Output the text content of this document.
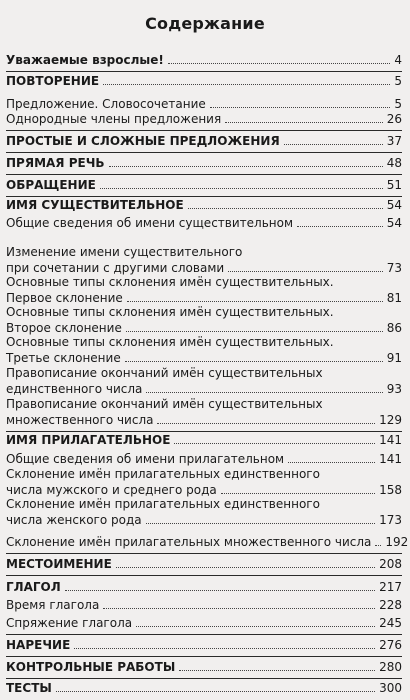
Содержание
Уважаемые взрослые!	4
ПОВТОРЕНИЕ	5
Предложение. Словосочетание	5
Однородные члены предложения	26
ПРОСТЫЕ И СЛОЖНЫЕ ПРЕДЛОЖЕНИЯ	37
ПРЯМАЯ РЕЧЬ	48
ОБРАЩЕНИЕ	51
ИМЯ СУЩЕСТВИТЕЛЬНОЕ	54
Общие сведения об имени существительном	54
Изменение имени существительного
при сочетании с другими словами	73
Основные типы склонения имён существительных.
Первое склонение	81
Основные типы склонения имён существительных.
Второе склонение	86
Основные типы склонения имён существительных.
Третье склонение	91
Правописание окончаний имён существительных
единственного числа	93
Правописание окончаний имён существительных
множественного числа	129
ИМЯ ПРИЛАГАТЕЛЬНОЕ	141
Общие сведения об имени прилагательном	141
Склонение имён прилагательных единственного
числа мужского и среднего рода	158
Склонение имён прилагательных единственного
числа женского рода	173
Склонение имён прилагательных множественного числа 192
МЕСТОИМЕНИЕ	208
ГЛАГОЛ	217
Время глагола	228
Спряжение глагола	245
НАРЕЧИЕ	276
КОНТРОЛЬНЫЕ РАБОТЫ	280
ТЕСТЫ	300
